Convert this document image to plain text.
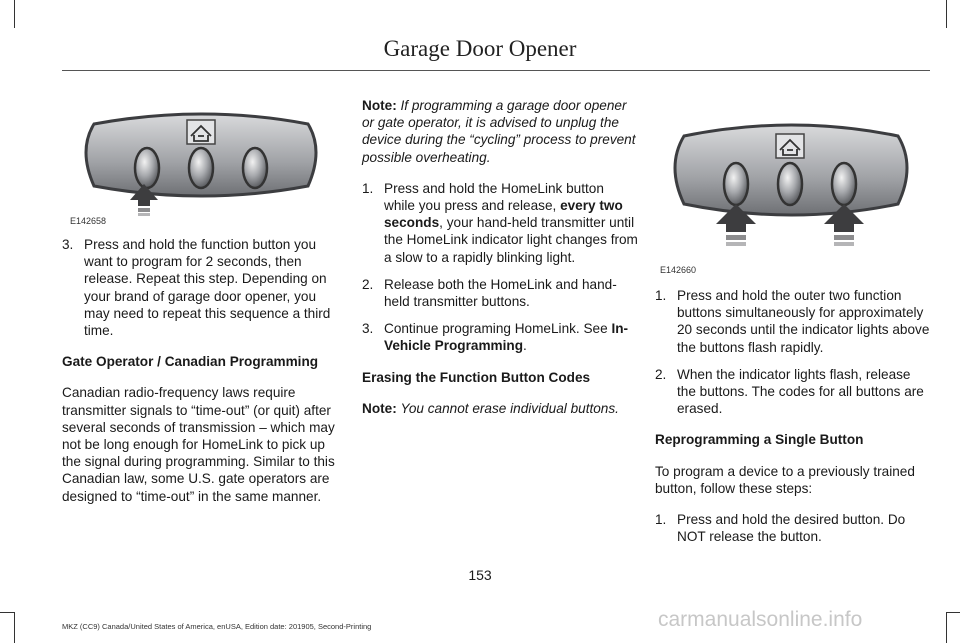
Garage Door Opener
E142658
E142660
3. Press and hold the function button you want to program for 2 seconds, then release. Repeat this step. Depending on your brand of garage door opener, you may need to repeat this sequence a third time.

Gate Operator / Canadian Programming

Canadian radio-frequency laws require transmitter signals to “time-out” (or quit) after several seconds of transmission – which may not be long enough for HomeLink to pick up the signal during programming. Similar to this Canadian law, some U.S. gate operators are designed to “time-out” in the same manner.

Note: If programming a garage door opener or gate operator, it is advised to unplug the device during the “cycling” process to prevent possible overheating.

1. Press and hold the HomeLink button while you press and release, every two seconds, your hand-held transmitter until the HomeLink indicator light changes from a slow to a rapidly blinking light.
2. Release both the HomeLink and hand-held transmitter buttons.
3. Continue programing HomeLink. See In-Vehicle Programming.

Erasing the Function Button Codes

Note: You cannot erase individual buttons.

1. Press and hold the outer two function buttons simultaneously for approximately 20 seconds until the indicator lights above the buttons flash rapidly.
2. When the indicator lights flash, release the buttons. The codes for all buttons are erased.

Reprogramming a Single Button

To program a device to a previously trained button, follow these steps:

1. Press and hold the desired button. Do NOT release the button.
153
MKZ (CC9) Canada/United States of America, enUSA, Edition date: 201905, Second-Printing	carmanualsonline.info
